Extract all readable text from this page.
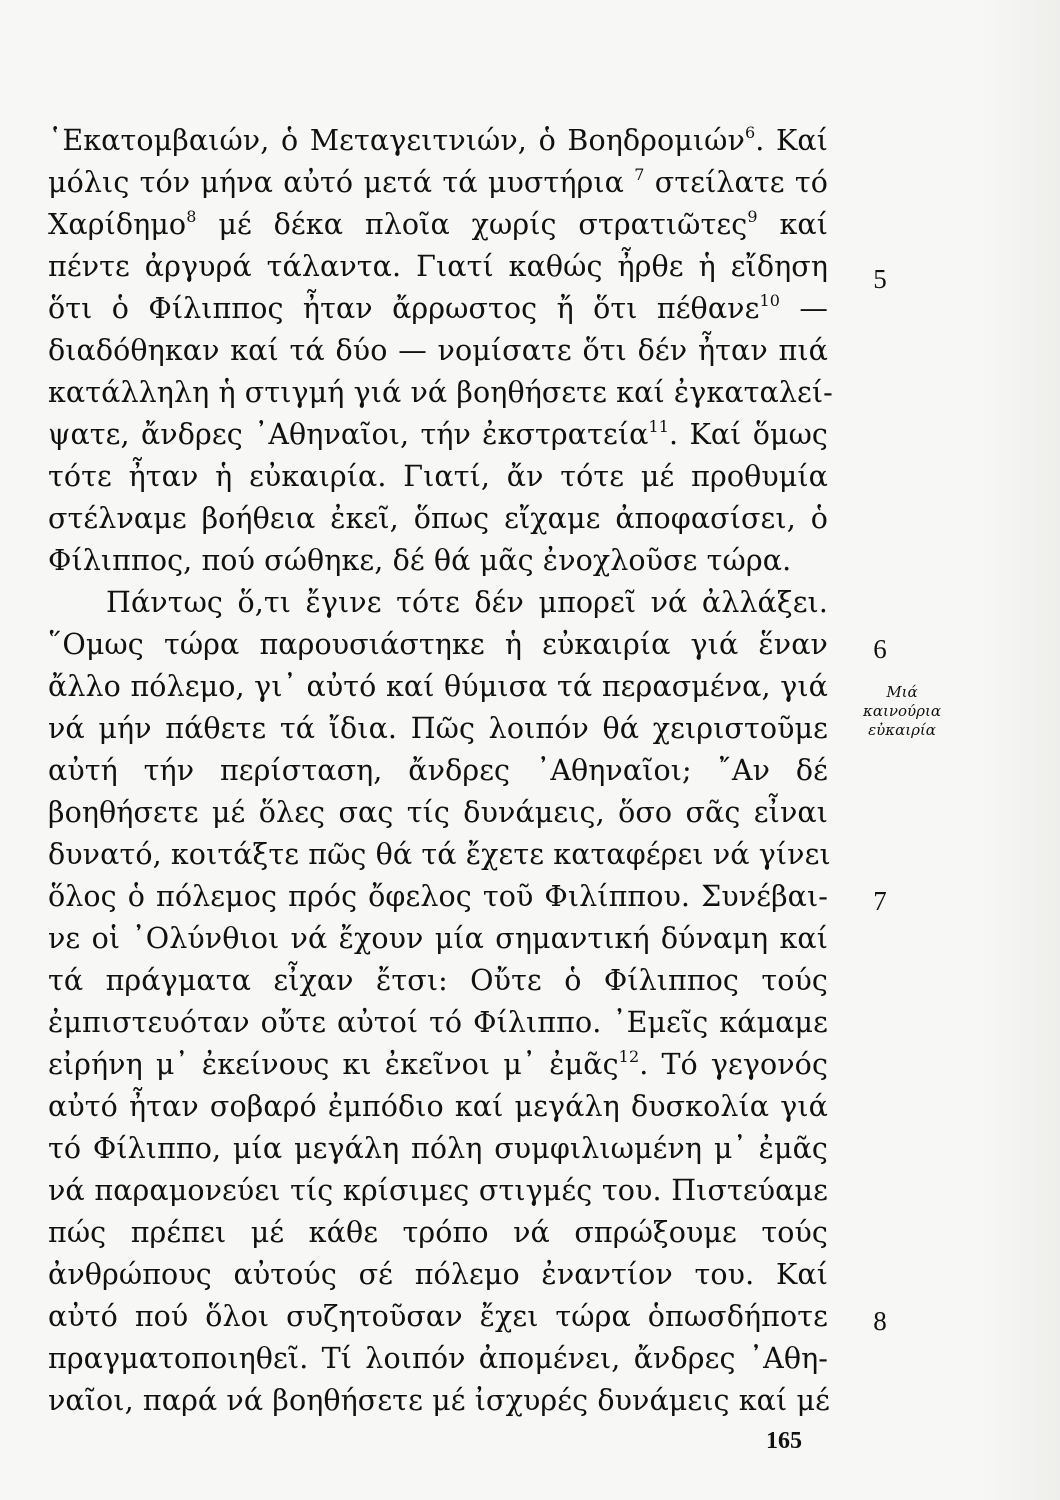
῾Εκατομβαιών, ὁ Μεταγειτνιών, ὁ Βοηδρομιών$^6$. Καί
μόλις τόν μήνα αὐτό μετά τά μυστήρια $^7$ στείλατε τό
Χαρίδημο$^8$ μέ δέκα πλοῖα χωρίς στρατιῶτες$^9$ καί
πέντε ἀργυρά τάλαντα. Γιατί καθώς ἦρθε ἡ εἴδηση
ὅτι ὁ Φίλιππος ἦταν ἄρρωστος ἤ ὅτι πέθανε$^{10}$ —
διαδόθηκαν καί τά δύο — νομίσατε ὅτι δέν ἦταν πιά
κατάλληλη ἡ στιγμή γιά νά βοηθήσετε καί ἐγκαταλεί-
ψατε, ἄνδρες ᾿Αθηναῖοι, τήν ἐκστρατεία$^{11}$. Καί ὅμως
τότε ἦταν ἡ εὐκαιρία. Γιατί, ἄν τότε μέ προθυμία
στέλναμε βοήθεια ἐκεῖ, ὅπως εἴχαμε ἀποφασίσει, ὁ
Φίλιππος, πού σώθηκε, δέ θά μᾶς ἐνοχλοῦσε τώρα.
Πάντως ὅ,τι ἔγινε τότε δέν μπορεῖ νά ἀλλάξει.
῞Ομως τώρα παρουσιάστηκε ἡ εὐκαιρία γιά ἕναν
ἄλλο πόλεμο, γι᾿ αὐτό καί θύμισα τά περασμένα, γιά
νά μήν πάθετε τά ἴδια. Πῶς λοιπόν θά χειριστοῦμε
αὐτή τήν περίσταση, ἄνδρες ᾿Αθηναῖοι; ῎Αν δέ
βοηθήσετε μέ ὅλες σας τίς δυνάμεις, ὅσο σᾶς εἶναι
δυνατό, κοιτάξτε πῶς θά τά ἔχετε καταφέρει νά γίνει
ὅλος ὁ πόλεμος πρός ὄφελος τοῦ Φιλίππου. Συνέβαι-
νε οἱ ᾿Ολύνθιοι νά ἔχουν μία σημαντική δύναμη καί
τά πράγματα εἶχαν ἔτσι: Οὔτε ὁ Φίλιππος τούς
ἐμπιστευόταν οὔτε αὐτοί τό Φίλιππο. ᾿Εμεῖς κάμαμε
εἰρήνη μ᾿ ἐκείνους κι ἐκεῖνοι μ᾿ ἐμᾶς$^{12}$. Τό γεγονός
αὐτό ἦταν σοβαρό ἐμπόδιο καί μεγάλη δυσκολία γιά
τό Φίλιππο, μία μεγάλη πόλη συμφιλιωμένη μ᾿ ἐμᾶς
νά παραμονεύει τίς κρίσιμες στιγμές του. Πιστεύαμε
πώς πρέπει μέ κάθε τρόπο νά σπρώξουμε τούς
ἀνθρώπους αὐτούς σέ πόλεμο ἐναντίον του. Καί
αὐτό πού ὅλοι συζητοῦσαν ἔχει τώρα ὁπωσδήποτε
πραγματοποιηθεῖ. Τί λοιπόν ἀπομένει, ἄνδρες ᾿Αθη-
ναῖοι, παρά νά βοηθήσετε μέ ἰσχυρές δυνάμεις καί μέ
5
6
7
8
Μιά
καινούρια
εὐκαιρία
165
